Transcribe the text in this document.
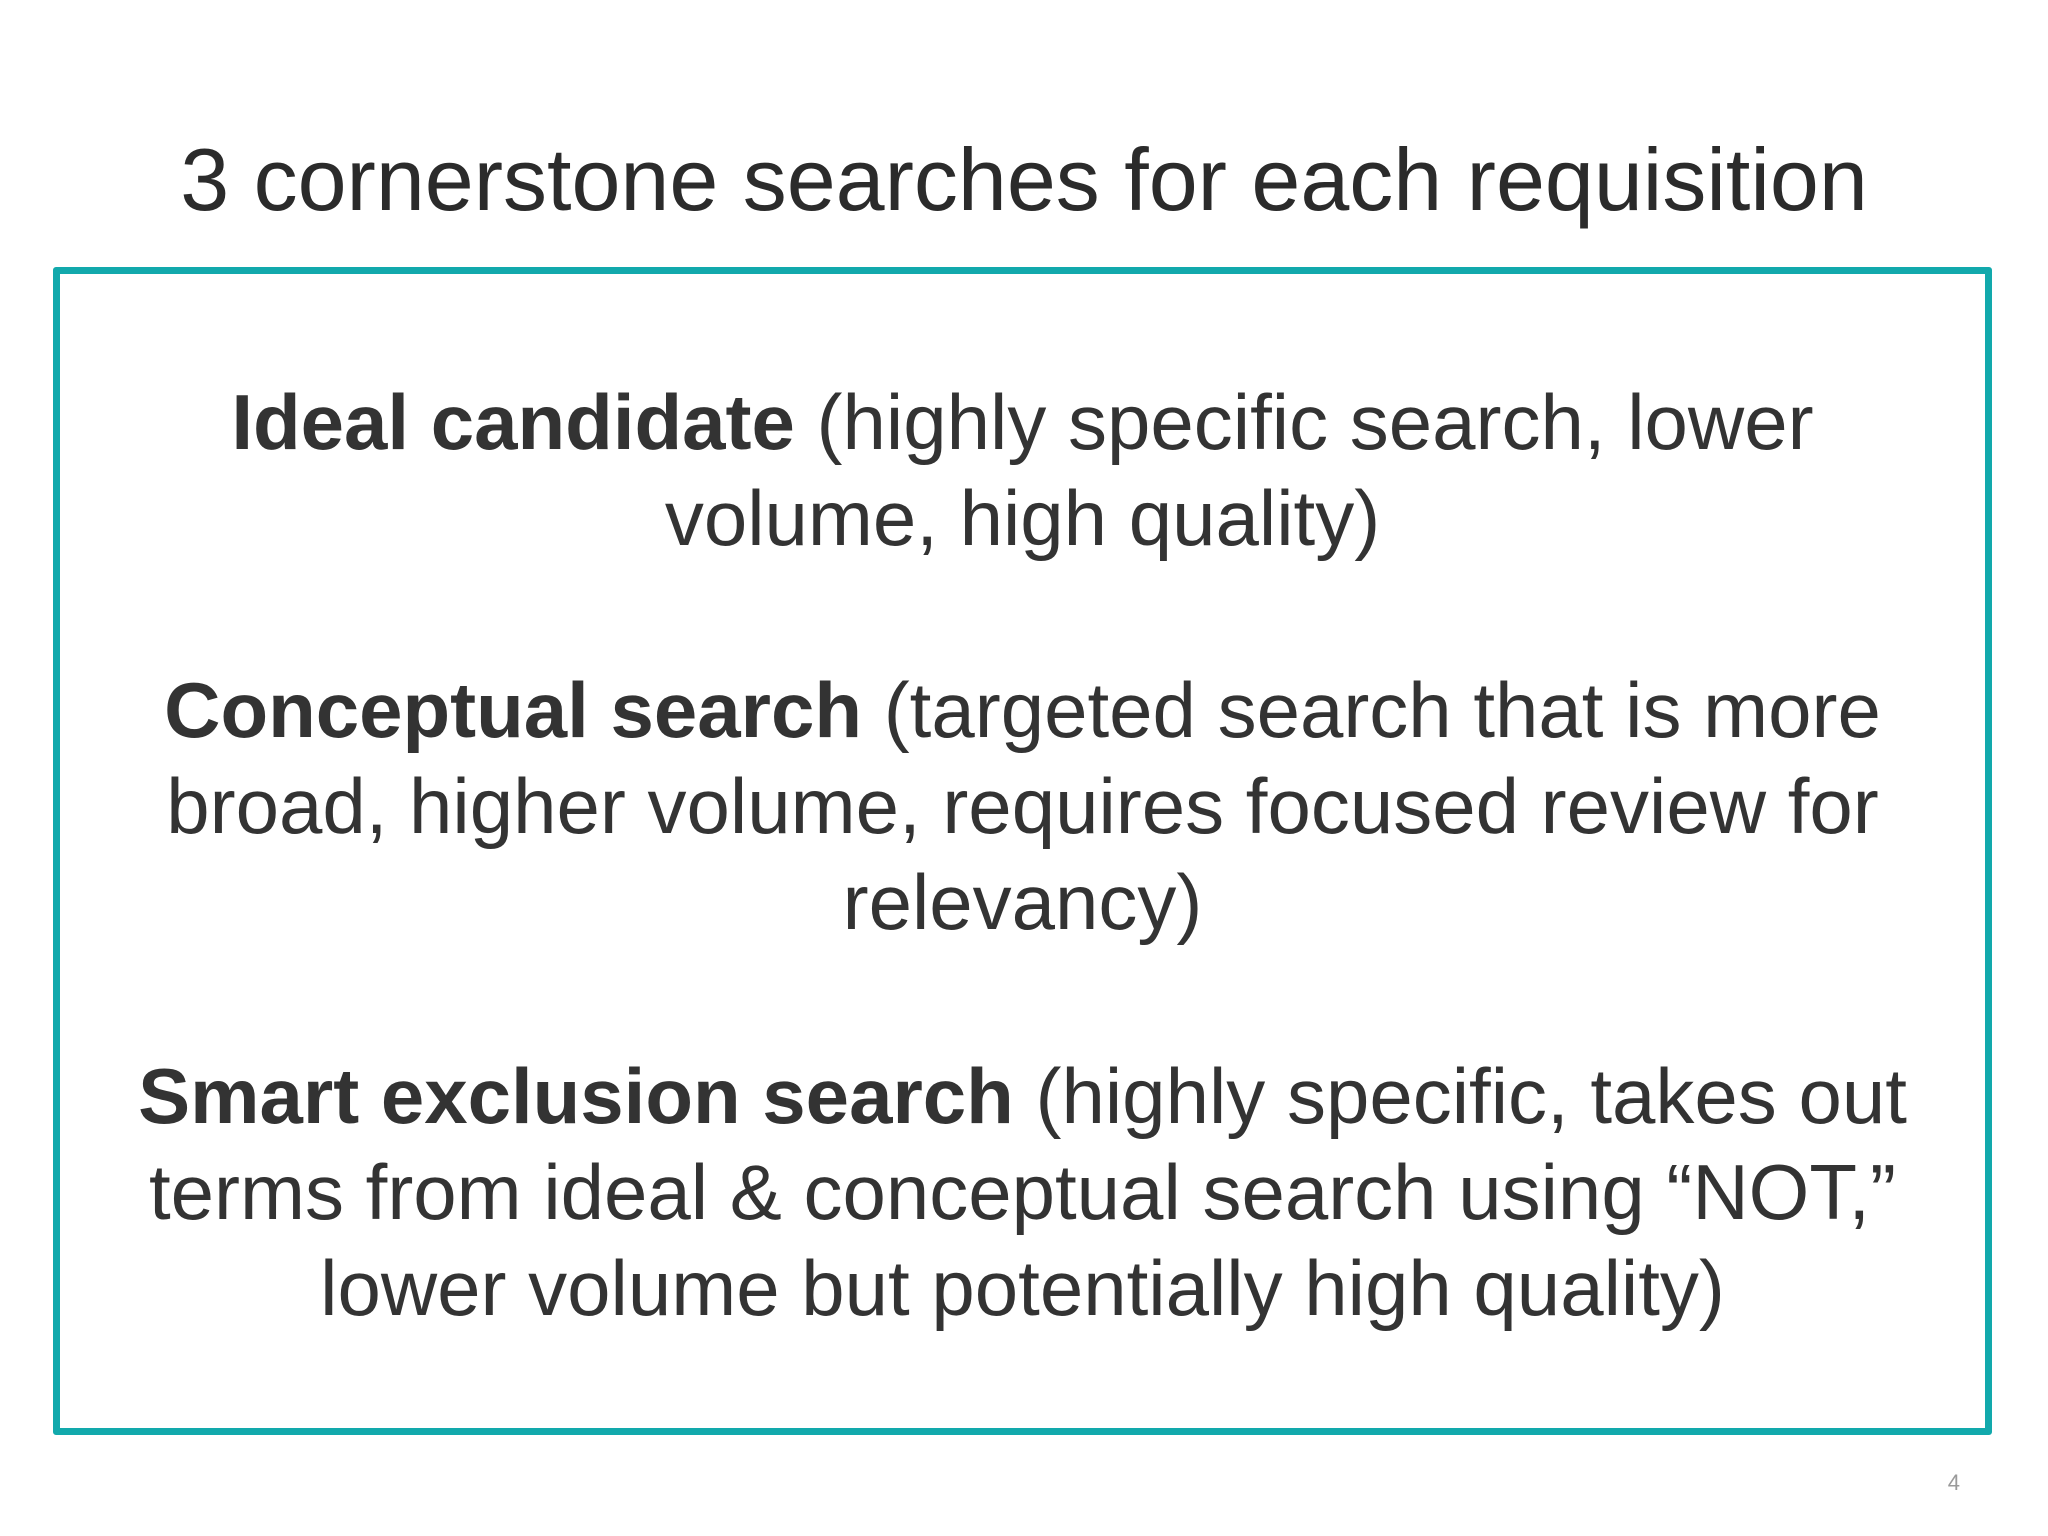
3 cornerstone searches for each requisition
Ideal candidate (highly specific search, lower volume, high quality)
Conceptual search (targeted search that is more broad, higher volume, requires focused review for relevancy)
Smart exclusion search (highly specific, takes out terms from ideal & conceptual search using “NOT,” lower volume but potentially high quality)
4
